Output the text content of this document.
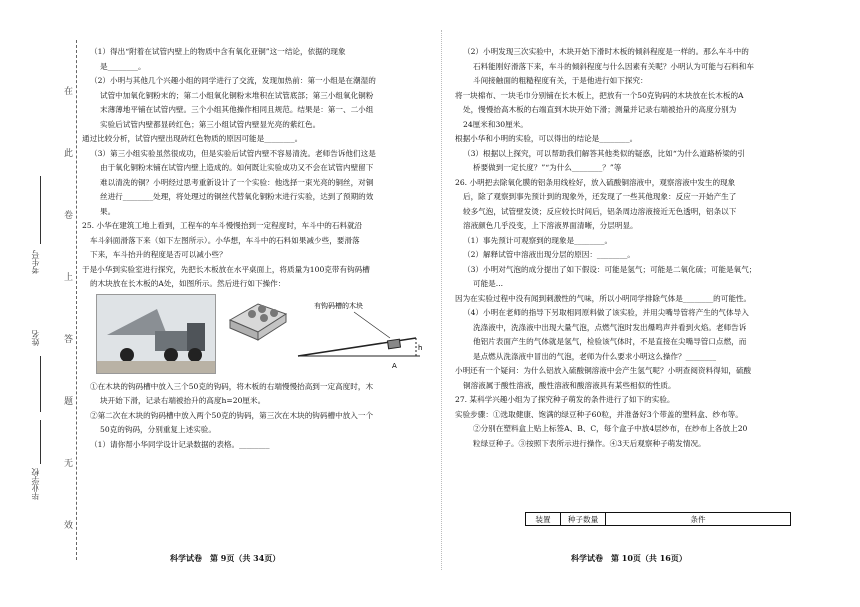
在
此
卷
上
答
题
无
效
考生号
姓名
毕业学校

（1）得出“附着在试管内壁上的物质中含有氧化亚铜”这一结论，依据的现象

是________。

（2）小明与其他几个兴趣小组的同学进行了交流，发现加热前：第一小组是在潮湿的

试管中加氧化铜粉末的；第二小组氧化铜粉末堆积在试管底部；第三小组氧化铜粉

末薄薄地平铺在试管内壁。三个小组其他操作相同且规范。结果是：第一、二小组

实验后试管内壁都显砖红色；第三小组试管内壁显光亮的紫红色。

通过比较分析，试管内壁出现砖红色物质的原因可能是________。

（3）第三小组实验虽然很成功，但是实验后试管内壁不容易清洗。老师告诉他们这是

由于氧化铜粉末铺在试管内壁上造成的。如何既让实验成功又不会在试管内壁留下

难以清洗的铜？小明经过思考重新设计了一个实验：他选择一束光亮的铜丝，对铜

丝进行________处理，将处理过的铜丝代替氧化铜粉末进行实验，达到了预期的效

果。

25. 小华在建筑工地上看到，工程车的车斗慢慢抬到一定程度时，车斗中的石料就沿

车斗斜面滑落下来（如下左图所示）。小华想，车斗中的石料如果减少些，要滑落

下来，车斗抬升的程度是否可以减小些？

于是小华到实验室进行探究，先把长木板放在水平桌面上，将质量为100克带有钩码槽

的木块放在长木板的A处，如图所示。然后进行如下操作：

有钩码槽的木块
h
A

①在木块的钩码槽中放入三个50克的钩码，将木板的右端慢慢抬高到一定高度时，木

块开始下滑，记录右端被抬升的高度h=20厘米。

②第二次在木块的钩码槽中放入两个50克的钩码，第三次在木块的钩码槽中放入一个

50克的钩码，分别重复上述实验。

（1）请你帮小华同学设计记录数据的表格。________

科学试卷　第 9页（共 34页）

（2）小明发现三次实验中，木块开始下滑时木板的倾斜程度是一样的。那么车斗中的

石料能刚好滑落下来，车斗的倾斜程度与什么因素有关呢？小明认为可能与石料和车

斗间接触面的粗糙程度有关，于是他进行如下探究：

将一块棉布、一块毛巾分别铺在长木板上，把放有一个50克钩码的木块放在长木板的A

处，慢慢抬高木板的右端直到木块开始下滑；测量并记录右端被抬升的高度分别为

24厘米和30厘米。

根据小华和小明的实验，可以得出的结论是________。

（3）根据以上探究，可以帮助我们解答其他类似的疑惑，比如“为什么道路桥梁的引

桥要做到一定长度？”“为什么________？”等

26. 小明把去除氧化膜的铝条用线栓好，放入硫酸铜溶液中，观察溶液中发生的现象

后，除了观察到事先预计到的现象外，还发现了一些其他现象：反应一开始产生了

较多气泡，试管壁发烫；反应较长时间后，铝条周边溶液接近无色透明，铝条以下

溶液颜色几乎没变，上下溶液界面清晰，分层明显。

（1）事先预计可观察到的现象是________。

（2）解释试管中溶液出现分层的原因：________。

（3）小明对气泡的成分提出了如下假设：可能是氢气；可能是二氧化硫；可能是氧气；

可能是...

因为在实验过程中没有闻到刺激性的气味，所以小明同学排除气体是________的可能性。

（4）小明在老师的指导下另取相同原料做了该实验，并用尖嘴导管将产生的气体导入

洗涤液中，洗涤液中出现大量气泡，点燃气泡时发出爆鸣声并看到火焰。老师告诉

他铝片表面产生的气体就是氢气，检验该气体时，不是直接在尖嘴导管口点燃，而

是点燃从洗涤液中冒出的气泡，老师为什么要求小明这么操作？________

小明还有一个疑问：为什么铝放入硫酸铜溶液中会产生氢气呢？小明查阅资料得知，硫酸

铜溶液属于酸性溶液，酸性溶液和酸溶液具有某些相似的性质。

27. 某科学兴趣小组为了探究种子萌发的条件进行了如下的实验。

实验步骤：①选取健康、饱满的绿豆种子60粒，并准备好3个带盖的塑料盒、纱布等。

②分别在塑料盒上贴上标签A、B、C，每个盒子中放4层纱布，在纱布上各放上20

粒绿豆种子。③按照下表所示进行操作。④3天后观察种子萌发情况。

装置	种子数量	条件
科学试卷　第 10页（共 16页）
